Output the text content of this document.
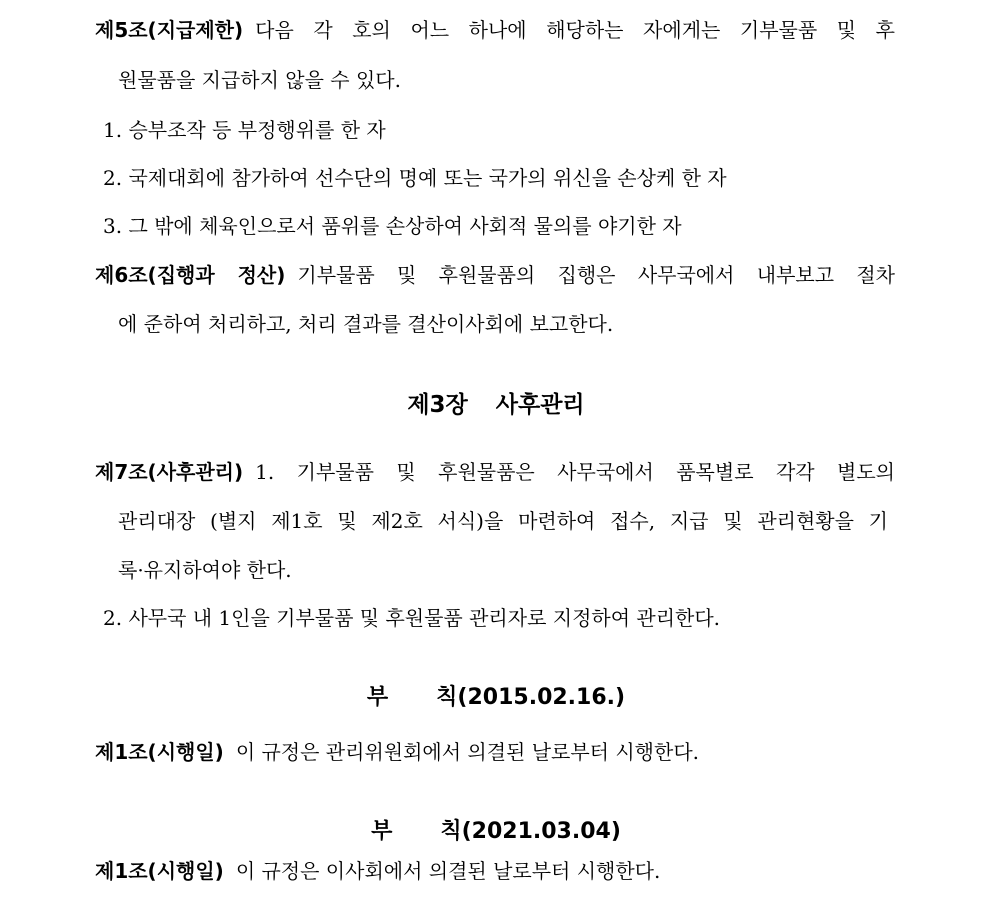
제5조(지급제한) 다음 각 호의 어느 하나에 해당하는 자에게는 기부물품 및 후
원물품을 지급하지 않을 수 있다.
1. 승부조작 등 부정행위를 한 자
2. 국제대회에 참가하여 선수단의 명예 또는 국가의 위신을 손상케 한 자
3. 그 밖에 체육인으로서 품위를 손상하여 사회적 물의를 야기한 자
제6조(집행과 정산) 기부물품 및 후원물품의 집행은 사무국에서 내부보고 절차
에 준하여 처리하고, 처리 결과를 결산이사회에 보고한다.
제3장 사후관리
제7조(사후관리) 1. 기부물품 및 후원물품은 사무국에서 품목별로 각각 별도의
관리대장 (별지 제1호 및 제2호 서식)을 마련하여 접수, 지급 및 관리현황을 기
록·유지하여야 한다.
2. 사무국 내 1인을 기부물품 및 후원물품 관리자로 지정하여 관리한다.
부 칙(2015.02.16.)
제1조(시행일) 이 규정은 관리위원회에서 의결된 날로부터 시행한다.
부 칙(2021.03.04)
제1조(시행일) 이 규정은 이사회에서 의결된 날로부터 시행한다.
